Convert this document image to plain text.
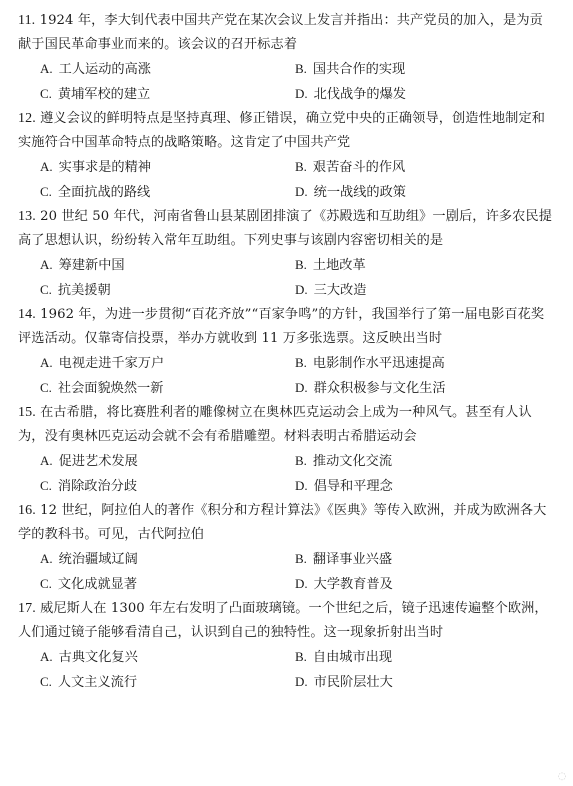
11. 1924 年，李大钊代表中国共产党在某次会议上发言并指出：共产党员的加入，是为贡献于国民革命事业而来的。该会议的召开标志着

A. 工人运动的高涨	B. 国共合作的实现
C. 黄埔军校的建立	D. 北伐战争的爆发

12. 遵义会议的鲜明特点是坚持真理、修正错误，确立党中央的正确领导，创造性地制定和实施符合中国革命特点的战略策略。这肯定了中国共产党

A. 实事求是的精神	B. 艰苦奋斗的作风
C. 全面抗战的路线	D. 统一战线的政策

13. 20 世纪 50 年代，河南省鲁山县某剧团排演了《苏殿选和互助组》一剧后，许多农民提高了思想认识，纷纷转入常年互助组。下列史事与该剧内容密切相关的是

A. 筹建新中国	B. 土地改革
C. 抗美援朝	D. 三大改造

14. 1962 年，为进一步贯彻“百花齐放”“百家争鸣”的方针，我国举行了第一届电影百花奖评选活动。仅靠寄信投票，举办方就收到 11 万多张选票。这反映出当时

A. 电视走进千家万户	B. 电影制作水平迅速提高
C. 社会面貌焕然一新	D. 群众积极参与文化生活

15. 在古希腊，将比赛胜利者的雕像树立在奥林匹克运动会上成为一种风气。甚至有人认为，没有奥林匹克运动会就不会有希腊雕塑。材料表明古希腊运动会

A. 促进艺术发展	B. 推动文化交流
C. 消除政治分歧	D. 倡导和平理念

16. 12 世纪，阿拉伯人的著作《积分和方程计算法》《医典》等传入欧洲，并成为欧洲各大学的教科书。可见，古代阿拉伯

A. 统治疆域辽阔	B. 翻译事业兴盛
C. 文化成就显著	D. 大学教育普及

17. 威尼斯人在 1300 年左右发明了凸面玻璃镜。一个世纪之后，镜子迅速传遍整个欧洲，人们通过镜子能够看清自己，认识到自己的独特性。这一现象折射出当时

A. 古典文化复兴	B. 自由城市出现
C. 人文主义流行	D. 市民阶层壮大
◌
